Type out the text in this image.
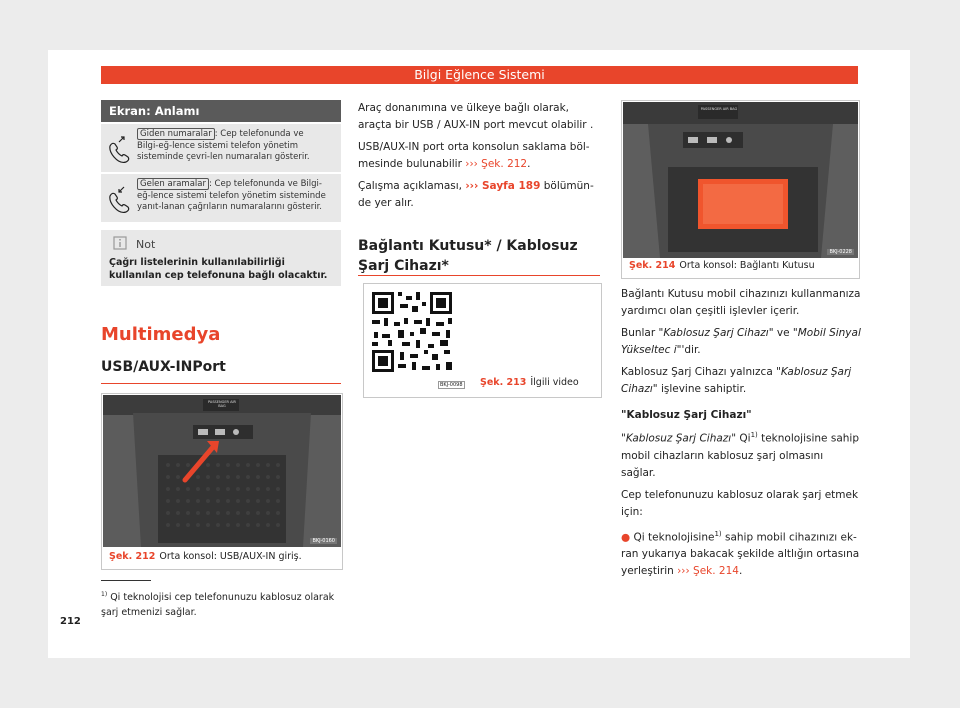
Bilgi Eğlence Sistemi
Ekran: Anlamı
Giden numaralar : Cep telefonunda ve Bilgi-eğ-lence sistemi telefon yönetim sisteminde çevri-len numaraları gösterir.
Gelen aramalar : Cep telefonunda ve Bilgi-eğ-lence sistemi telefon yönetim sisteminde yanıt-lanan çağrıların numaralarını gösterir.
Not
Çağrı listelerinin kullanılabilirliği kullanılan cep telefonuna bağlı olacaktır.
Multimedya
USB/AUX-INPort
BKJ-0160
PASSENGER AIR BAG
Şek. 212 Orta konsol: USB/AUX-IN giriş.

Araç donanımına ve ülkeye bağlı olarak, araçta bir USB / AUX-IN port mevcut olabilir .

USB/AUX-IN port orta konsolun saklama böl-mesinde bulunabilir ››› Şek. 212.

Çalışma açıklaması, ››› Sayfa 189 bölümün-de yer alır.

Bağlantı Kutusu* / Kablosuz Şarj Cihazı*
BKJ-0098 Şek. 213 İlgili video
$^{1)}$ Qi teknolojisi cep telefonunuzu kablosuz olarak şarj etmenizi sağlar.
BKJ-0228
PASSENGER AIR BAG
Şek. 214 Orta konsol: Bağlantı Kutusu

Bağlantı Kutusu mobil cihazınızı kullanmanıza yardımcı olan çeşitli işlevler içerir.

Bunlar "Kablosuz Şarj Cihazı" ve "Mobil Sinyal Yükseltec i"'dir.

Kablosuz Şarj Cihazı yalnızca "Kablosuz Şarj Cihazı" işlevine sahiptir.

"Kablosuz Şarj Cihazı"

"Kablosuz Şarj Cihazı" Qi$^{1)}$ teknolojisine sahip mobil cihazların kablosuz şarj olmasını sağlar.

Cep telefonunuzu kablosuz olarak şarj etmek için:

● Qi teknolojisine$^{1)}$ sahip mobil cihazınızı ek-ran yukarıya bakacak şekilde altlığın ortasına yerleştirin ››› Şek. 214.

212
